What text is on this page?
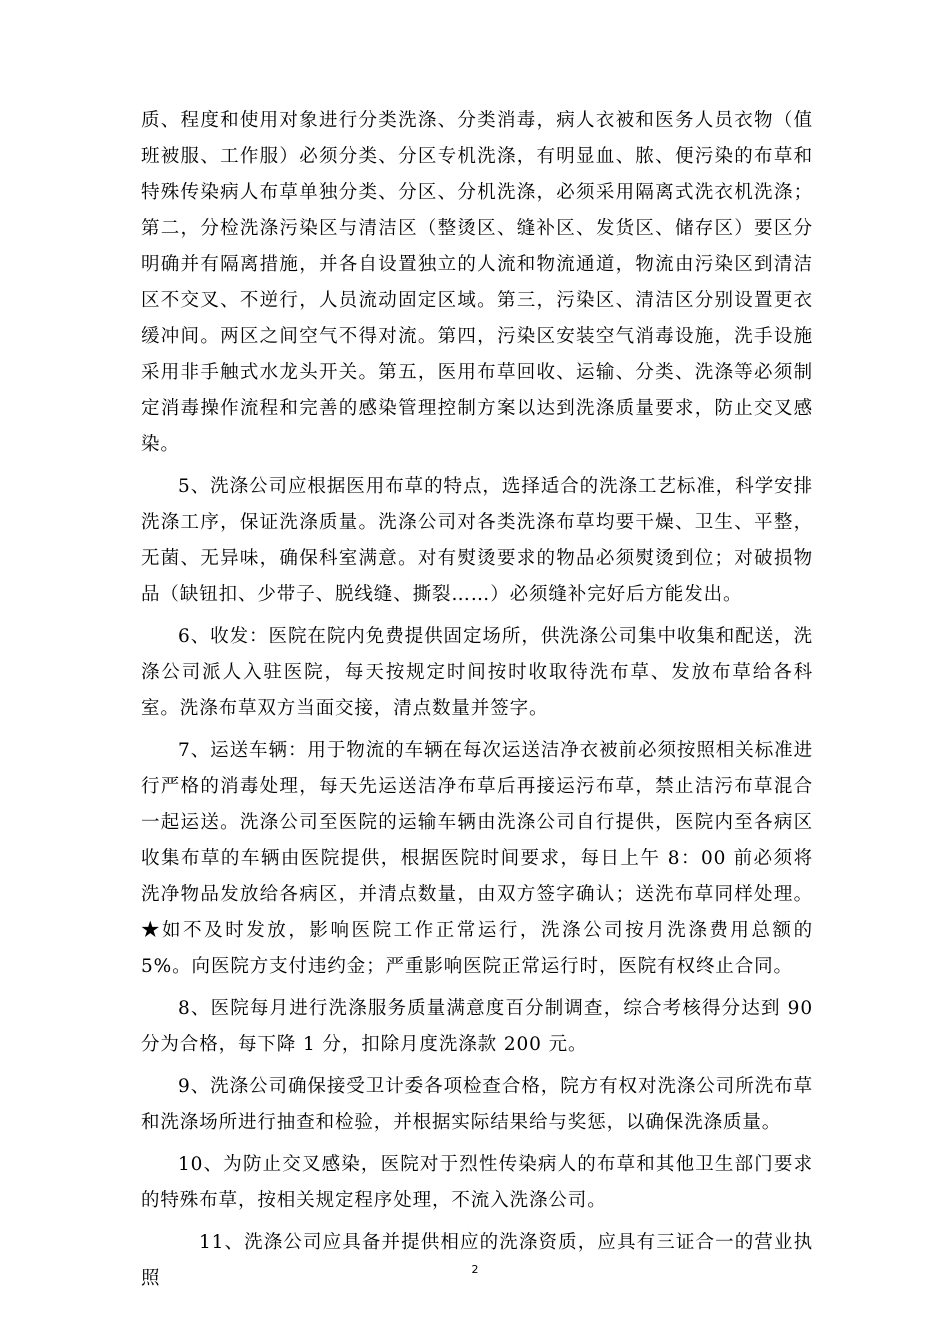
质、程度和使用对象进行分类洗涤、分类消毒，病人衣被和医务人员衣物（值班被服、工作服）必须分类、分区专机洗涤，有明显血、脓、便污染的布草和特殊传染病人布草单独分类、分区、分机洗涤，必须采用隔离式洗衣机洗涤；第二，分检洗涤污染区与清洁区（整烫区、缝补区、发货区、储存区）要区分明确并有隔离措施，并各自设置独立的人流和物流通道，物流由污染区到清洁区不交叉、不逆行，人员流动固定区域。第三，污染区、清洁区分别设置更衣缓冲间。两区之间空气不得对流。第四，污染区安装空气消毒设施，洗手设施采用非手触式水龙头开关。第五，医用布草回收、运输、分类、洗涤等必须制定消毒操作流程和完善的感染管理控制方案以达到洗涤质量要求，防止交叉感染。

5、洗涤公司应根据医用布草的特点，选择适合的洗涤工艺标准，科学安排洗涤工序，保证洗涤质量。洗涤公司对各类洗涤布草均要干燥、卫生、平整，无菌、无异味，确保科室满意。对有熨烫要求的物品必须熨烫到位；对破损物品（缺钮扣、少带子、脱线缝、撕裂……）必须缝补完好后方能发出。

6、收发：医院在院内免费提供固定场所，供洗涤公司集中收集和配送，洗涤公司派人入驻医院，每天按规定时间按时收取待洗布草、发放布草给各科室。洗涤布草双方当面交接，清点数量并签字。

7、运送车辆：用于物流的车辆在每次运送洁净衣被前必须按照相关标准进行严格的消毒处理，每天先运送洁净布草后再接运污布草，禁止洁污布草混合一起运送。洗涤公司至医院的运输车辆由洗涤公司自行提供，医院内至各病区收集布草的车辆由医院提供，根据医院时间要求，每日上午 8：00 前必须将洗净物品发放给各病区，并清点数量，由双方签字确认；送洗布草同样处理。★如不及时发放，影响医院工作正常运行，洗涤公司按月洗涤费用总额的 5%。向医院方支付违约金；严重影响医院正常运行时，医院有权终止合同。

8、医院每月进行洗涤服务质量满意度百分制调查，综合考核得分达到 90 分为合格，每下降 1 分，扣除月度洗涤款 200 元。

9、洗涤公司确保接受卫计委各项检查合格，院方有权对洗涤公司所洗布草和洗涤场所进行抽查和检验，并根据实际结果给与奖惩，以确保洗涤质量。

10、为防止交叉感染，医院对于烈性传染病人的布草和其他卫生部门要求的特殊布草，按相关规定程序处理，不流入洗涤公司。

11、洗涤公司应具备并提供相应的洗涤资质，应具有三证合一的营业执照	2
